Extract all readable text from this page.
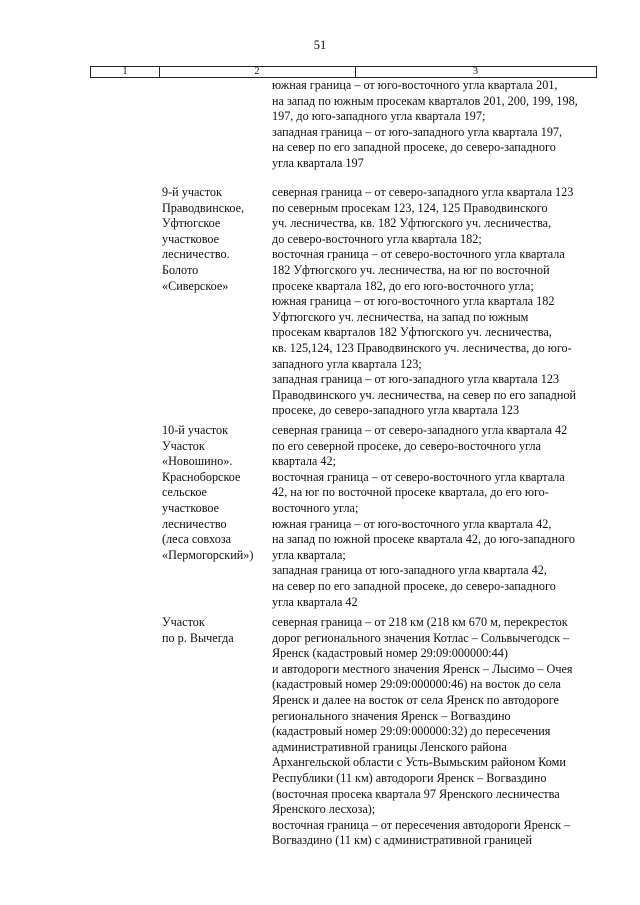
51
1	2	3
южная граница – от юго-восточного угла квартала 201,
на запад по южным просекам кварталов 201, 200, 199, 198,
197, до юго-западного угла квартала 197;
западная граница – от юго-западного угла квартала 197,
на север по его западной просеке, до северо-западного
угла квартала 197
9-й участок
Праводвинское,
Уфтюгское
участковое
лесничество.
Болото
«Сиверское»
северная граница – от северо-западного угла квартала 123
по северным просекам 123, 124, 125 Праводвинского
уч. лесничества, кв. 182 Уфтюгского уч. лесничества,
до северо-восточного угла квартала 182;
восточная граница – от северо-восточного угла квартала
182 Уфтюгского уч. лесничества, на юг по восточной
просеке квартала 182, до его юго-восточного угла;
южная граница – от юго-восточного угла квартала 182
Уфтюгского уч. лесничества, на запад по южным
просекам кварталов 182 Уфтюгского уч. лесничества,
кв. 125,124, 123 Праводвинского уч. лесничества, до юго-
западного угла квартала 123;
западная граница – от юго-западного угла квартала 123
Праводвинского уч. лесничества, на север по его западной
просеке, до северо-западного угла квартала 123
10-й участок
Участок
«Новошино».
Красноборское
сельское
участковое
лесничество
(леса совхоза
«Пермогорский»)
северная граница – от северо-западного угла квартала 42
по его северной просеке, до северо-восточного угла
квартала 42;
восточная граница – от северо-восточного угла квартала
42, на юг по восточной просеке квартала, до его юго-
восточного угла;
южная граница – от юго-восточного угла квартала 42,
на запад по южной просеке квартала 42, до юго-западного
угла квартала;
западная граница от юго-западного угла квартала 42,
на север по его западной просеке, до северо-западного
угла квартала 42
Участок
по р. Вычегда
северная граница – от 218 км (218 км 670 м, перекресток
дорог регионального значения Котлас – Сольвычегодск –
Яренск (кадастровый номер 29:09:000000:44)
и автодороги местного значения Яренск – Лысимо – Очея
(кадастровый номер 29:09:000000:46) на восток до села
Яренск и далее на восток от села Яренск по автодороге
регионального значения Яренск – Вогваздино
(кадастровый номер 29:09:000000:32) до пересечения
административной границы Ленского района
Архангельской области с Усть-Вымьским районом Коми
Республики (11 км) автодороги Яренск – Вогваздино
(восточная просека квартала 97 Яренского лесничества
Яренского лесхоза);
восточная граница – от пересечения автодороги Яренск –
Вогваздино (11 км) с административной границей
